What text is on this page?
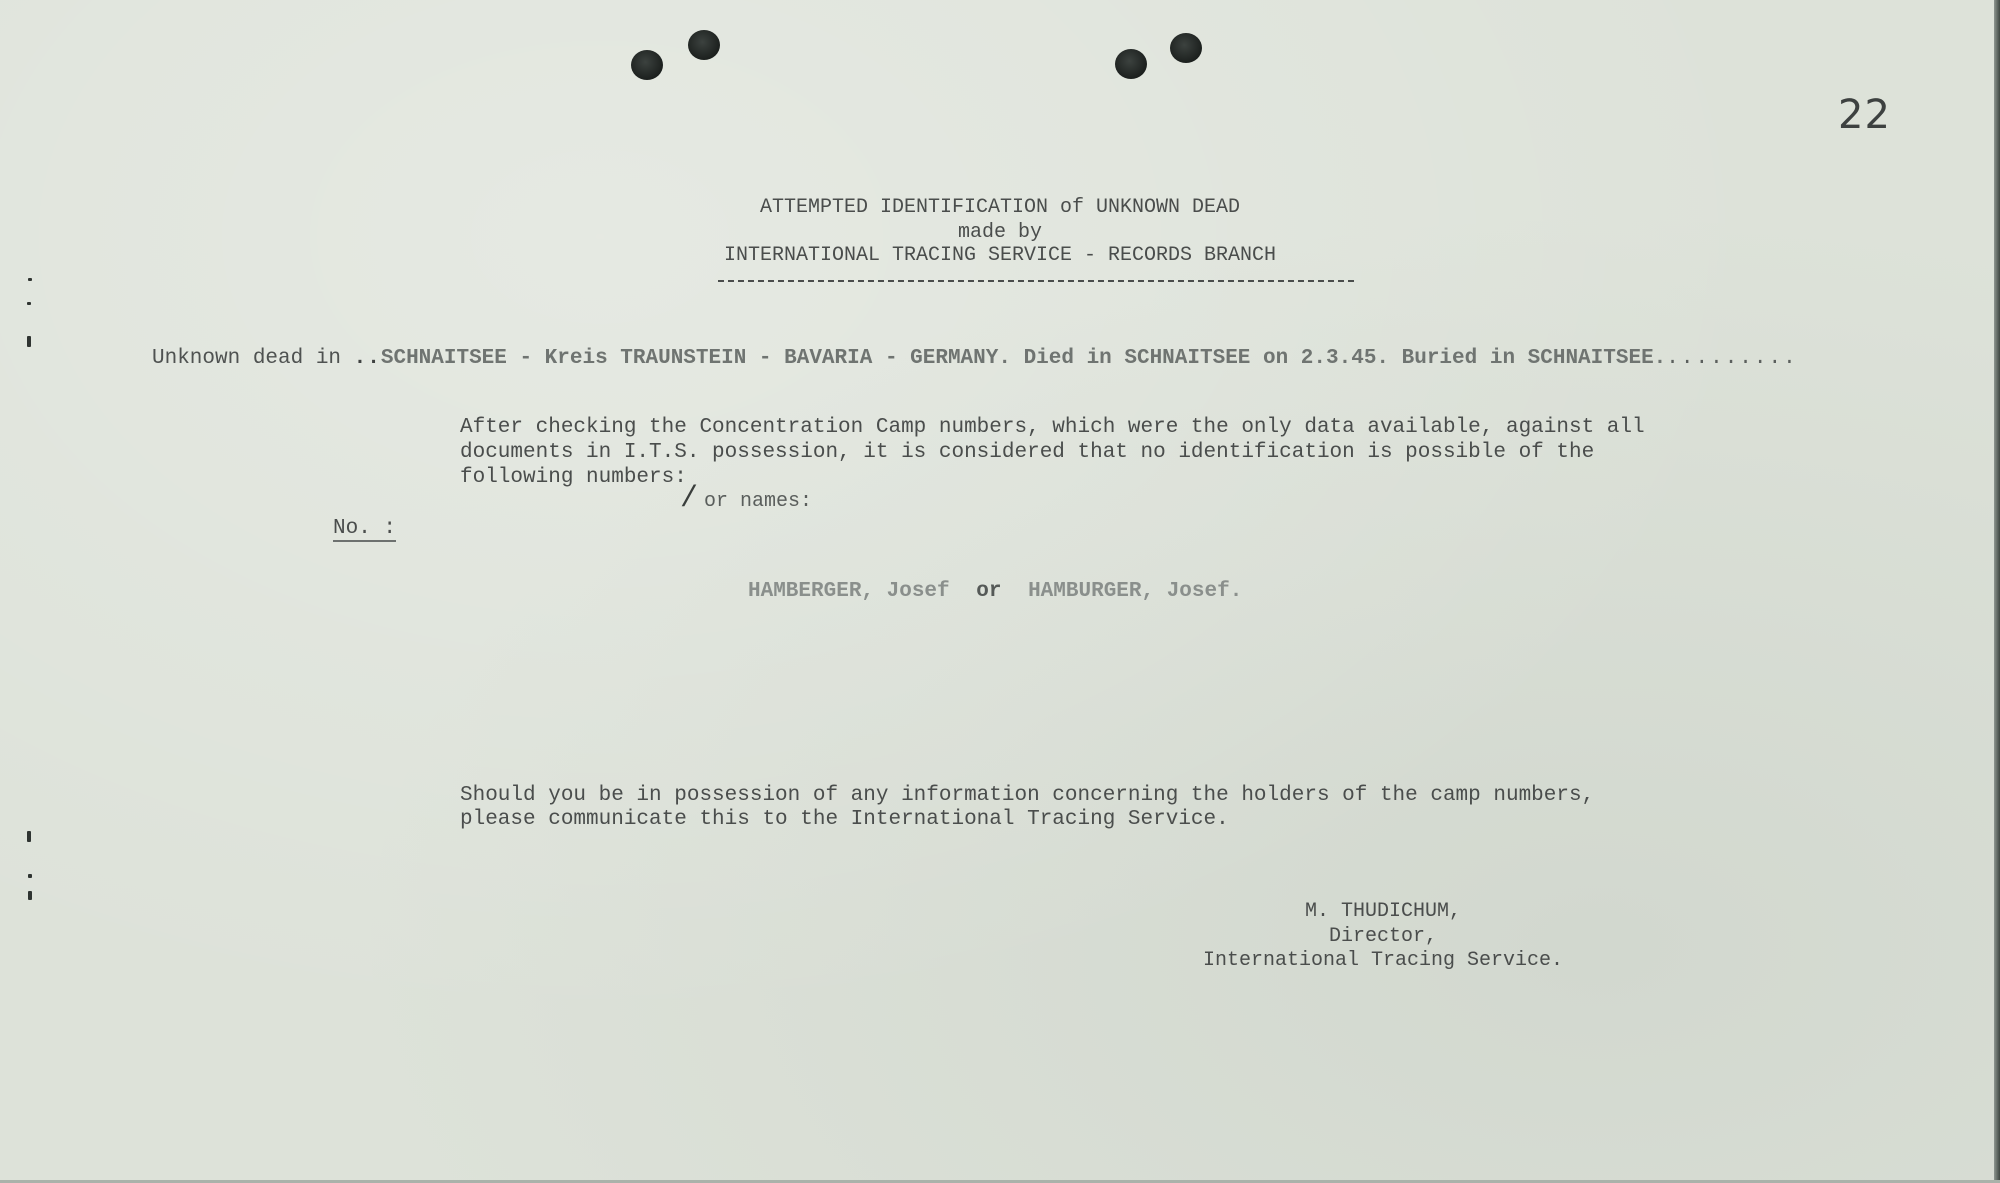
22
ATTEMPTED IDENTIFICATION of UNKNOWN DEAD
made by
INTERNATIONAL TRACING SERVICE - RECORDS BRANCH
Unknown dead in ..SCHNAITSEE - Kreis TRAUNSTEIN - BAVARIA - GERMANY. Died in SCHNAITSEE on 2.3.45. Buried in SCHNAITSEE..........
After checking the Concentration Camp numbers, which were the only data available, against all
documents in I.T.S. possession, it is considered that no identification is possible of the
following numbers:
/ or names:
No. :
HAMBERGER, Josef or HAMBURGER, Josef.
Should you be in possession of any information concerning the holders of the camp numbers,
please communicate this to the International Tracing Service.
M. THUDICHUM,
Director,
International Tracing Service.
